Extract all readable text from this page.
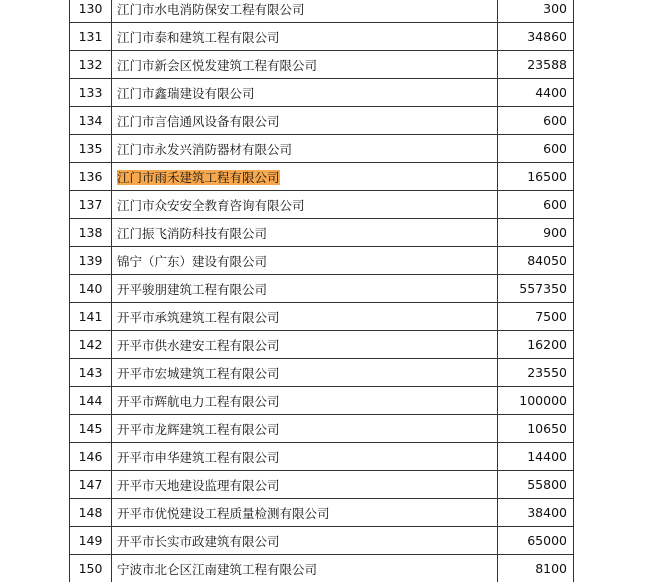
130	江门市水电消防保安工程有限公司	300
131	江门市泰和建筑工程有限公司	34860
132	江门市新会区悦发建筑工程有限公司	23588
133	江门市鑫瑞建设有限公司	4400
134	江门市言信通风设备有限公司	600
135	江门市永发兴消防器材有限公司	600
136	江门市雨禾建筑工程有限公司	16500
137	江门市众安安全教育咨询有限公司	600
138	江门振飞消防科技有限公司	900
139	锦宁（广东）建设有限公司	84050
140	开平骏朋建筑工程有限公司	557350
141	开平市承筑建筑工程有限公司	7500
142	开平市供水建安工程有限公司	16200
143	开平市宏城建筑工程有限公司	23550
144	开平市辉航电力工程有限公司	100000
145	开平市龙辉建筑工程有限公司	10650
146	开平市申华建筑工程有限公司	14400
147	开平市天地建设监理有限公司	55800
148	开平市优悦建设工程质量检测有限公司	38400
149	开平市长实市政建筑有限公司	65000
150	宁波市北仑区江南建筑工程有限公司	8100
